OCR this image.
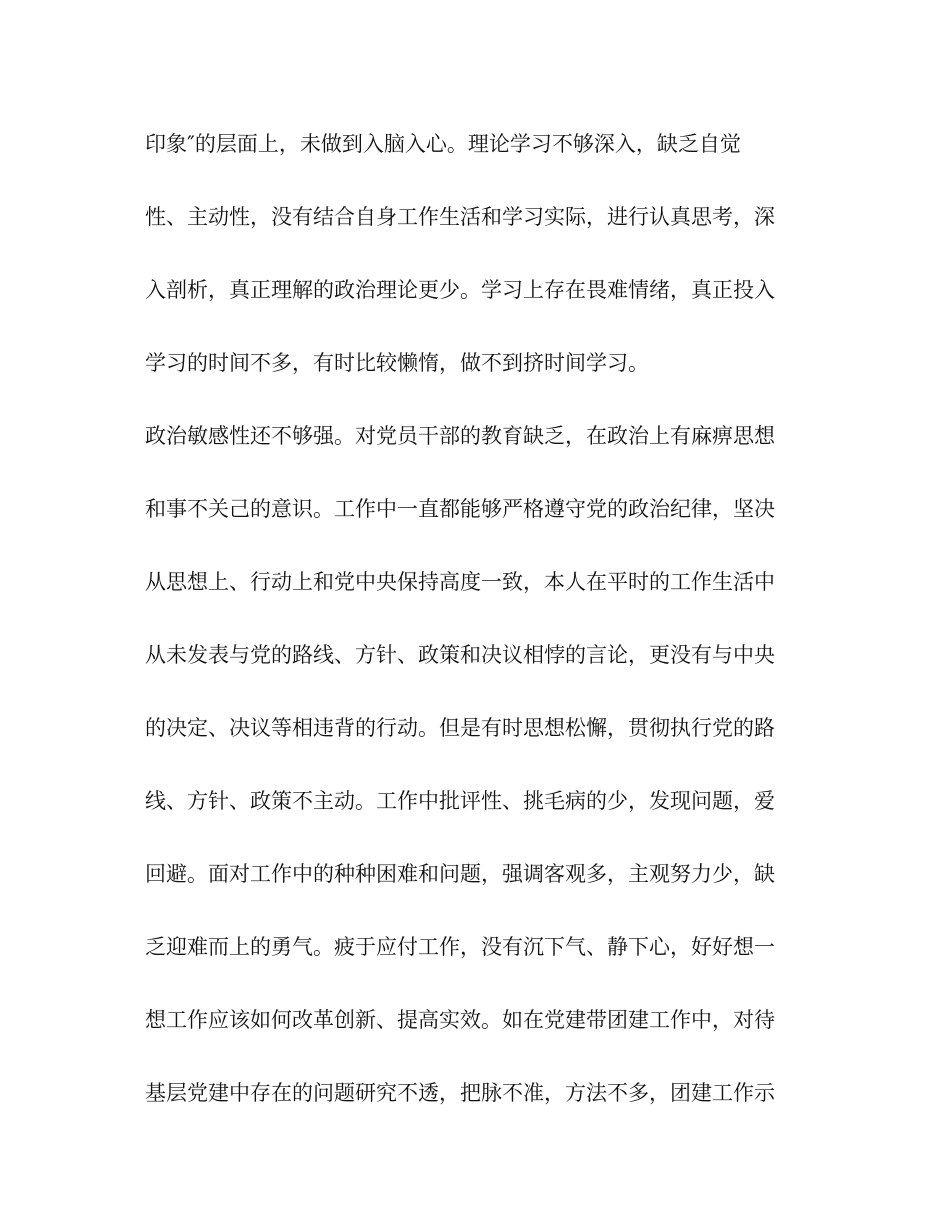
印象″的层面上，未做到入脑入心。理论学习不够深入，缺乏自觉
性、主动性，没有结合自身工作生活和学习实际，进行认真思考，深
入剖析，真正理解的政治理论更少。学习上存在畏难情绪，真正投入
学习的时间不多，有时比较懒惰，做不到挤时间学习。
政治敏感性还不够强。对党员干部的教育缺乏，在政治上有麻痹思想
和事不关己的意识。工作中一直都能够严格遵守党的政治纪律，坚决
从思想上、行动上和党中央保持高度一致，本人在平时的工作生活中
从未发表与党的路线、方针、政策和决议相悖的言论，更没有与中央
的决定、决议等相违背的行动。但是有时思想松懈，贯彻执行党的路
线、方针、政策不主动。工作中批评性、挑毛病的少，发现问题，爱
回避。面对工作中的种种困难和问题，强调客观多，主观努力少，缺
乏迎难而上的勇气。疲于应付工作，没有沉下气、静下心，好好想一
想工作应该如何改革创新、提高实效。如在党建带团建工作中，对待
基层党建中存在的问题研究不透，把脉不准，方法不多，团建工作示
